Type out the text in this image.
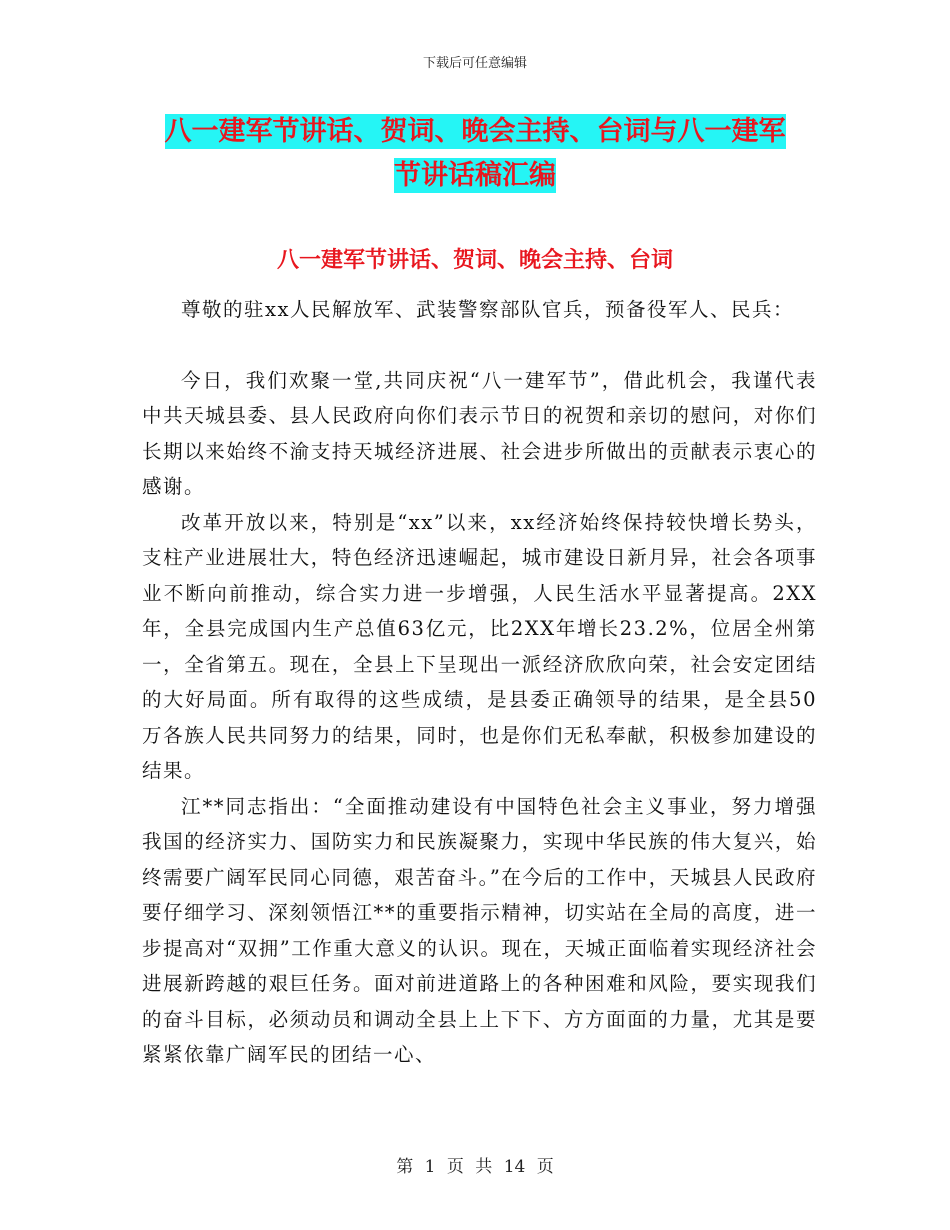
下载后可任意编辑
八一建军节讲话、贺词、晚会主持、台词与八一建军
节讲话稿汇编
八一建军节讲话、贺词、晚会主持、台词

尊敬的驻xx人民解放军、武装警察部队官兵，预备役军人、民兵：

今日，我们欢聚一堂,共同庆祝“八一建军节”，借此机会，我谨代表中共天城县委、县人民政府向你们表示节日的祝贺和亲切的慰问，对你们长期以来始终不渝支持天城经济进展、社会进步所做出的贡献表示衷心的感谢。

改革开放以来，特别是“xx”以来，xx经济始终保持较快增长势头，支柱产业进展壮大，特色经济迅速崛起，城市建设日新月异，社会各项事业不断向前推动，综合实力进一步增强，人民生活水平显著提高。2XX年，全县完成国内生产总值63亿元，比2XX年增长23.2%，位居全州第一，全省第五。现在，全县上下呈现出一派经济欣欣向荣，社会安定团结的大好局面。所有取得的这些成绩，是县委正确领导的结果，是全县50万各族人民共同努力的结果，同时，也是你们无私奉献，积极参加建设的结果。

江**同志指出：“全面推动建设有中国特色社会主义事业，努力增强我国的经济实力、国防实力和民族凝聚力，实现中华民族的伟大复兴，始终需要广阔军民同心同德，艰苦奋斗。”在今后的工作中，天城县人民政府要仔细学习、深刻领悟江**的重要指示精神，切实站在全局的高度，进一步提高对“双拥”工作重大意义的认识。现在，天城正面临着实现经济社会进展新跨越的艰巨任务。面对前进道路上的各种困难和风险，要实现我们的奋斗目标，必须动员和调动全县上上下下、方方面面的力量，尤其是要紧紧依靠广阔军民的团结一心、

第 1 页 共 14 页
